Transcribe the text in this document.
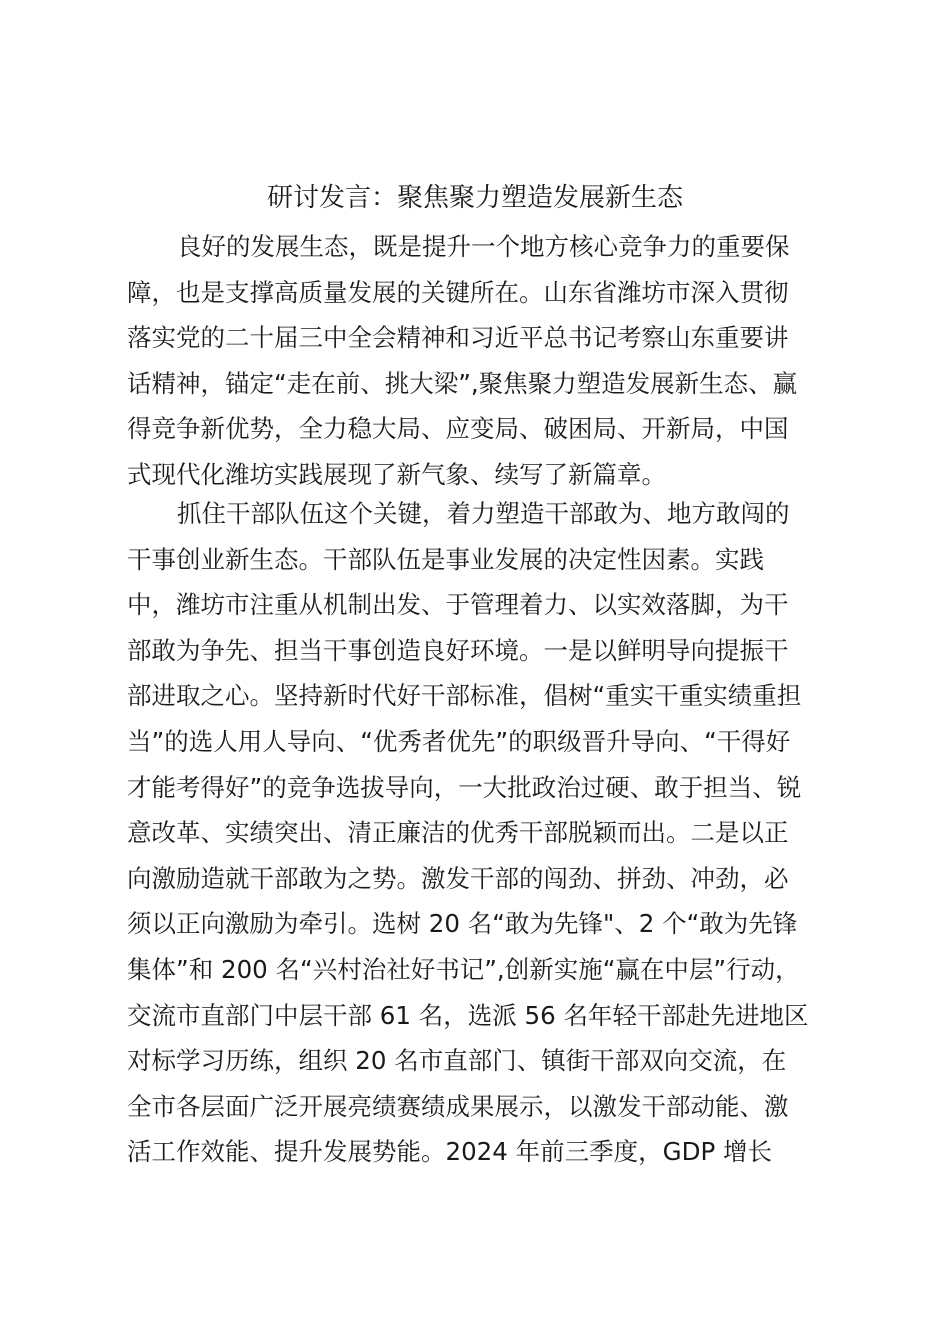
研讨发言：聚焦聚力塑造发展新生态
良好的发展生态，既是提升一个地方核心竞争力的重要保
障，也是支撑高质量发展的关键所在。山东省潍坊市深入贯彻
落实党的二十届三中全会精神和习近平总书记考察山东重要讲
话精神，锚定“走在前、挑大梁”,聚焦聚力塑造发展新生态、赢
得竞争新优势，全力稳大局、应变局、破困局、开新局，中国
式现代化潍坊实践展现了新气象、续写了新篇章。
抓住干部队伍这个关键，着力塑造干部敢为、地方敢闯的
干事创业新生态。干部队伍是事业发展的决定性因素。实践
中，潍坊市注重从机制出发、于管理着力、以实效落脚，为干
部敢为争先、担当干事创造良好环境。一是以鲜明导向提振干
部进取之心。坚持新时代好干部标准，倡树“重实干重实绩重担
当”的选人用人导向、“优秀者优先”的职级晋升导向、“干得好
才能考得好”的竞争选拔导向，一大批政治过硬、敢于担当、锐
意改革、实绩突出、清正廉洁的优秀干部脱颖而出。二是以正
向激励造就干部敢为之势。激发干部的闯劲、拼劲、冲劲，必
须以正向激励为牵引。选树 20 名“敢为先锋"、2 个“敢为先锋
集体”和 200 名“兴村治社好书记”,创新实施“赢在中层”行动，
交流市直部门中层干部 61 名，选派 56 名年轻干部赴先进地区
对标学习历练，组织 20 名市直部门、镇街干部双向交流，在
全市各层面广泛开展亮绩赛绩成果展示，以激发干部动能、激
活工作效能、提升发展势能。2024 年前三季度，GDP 增长
